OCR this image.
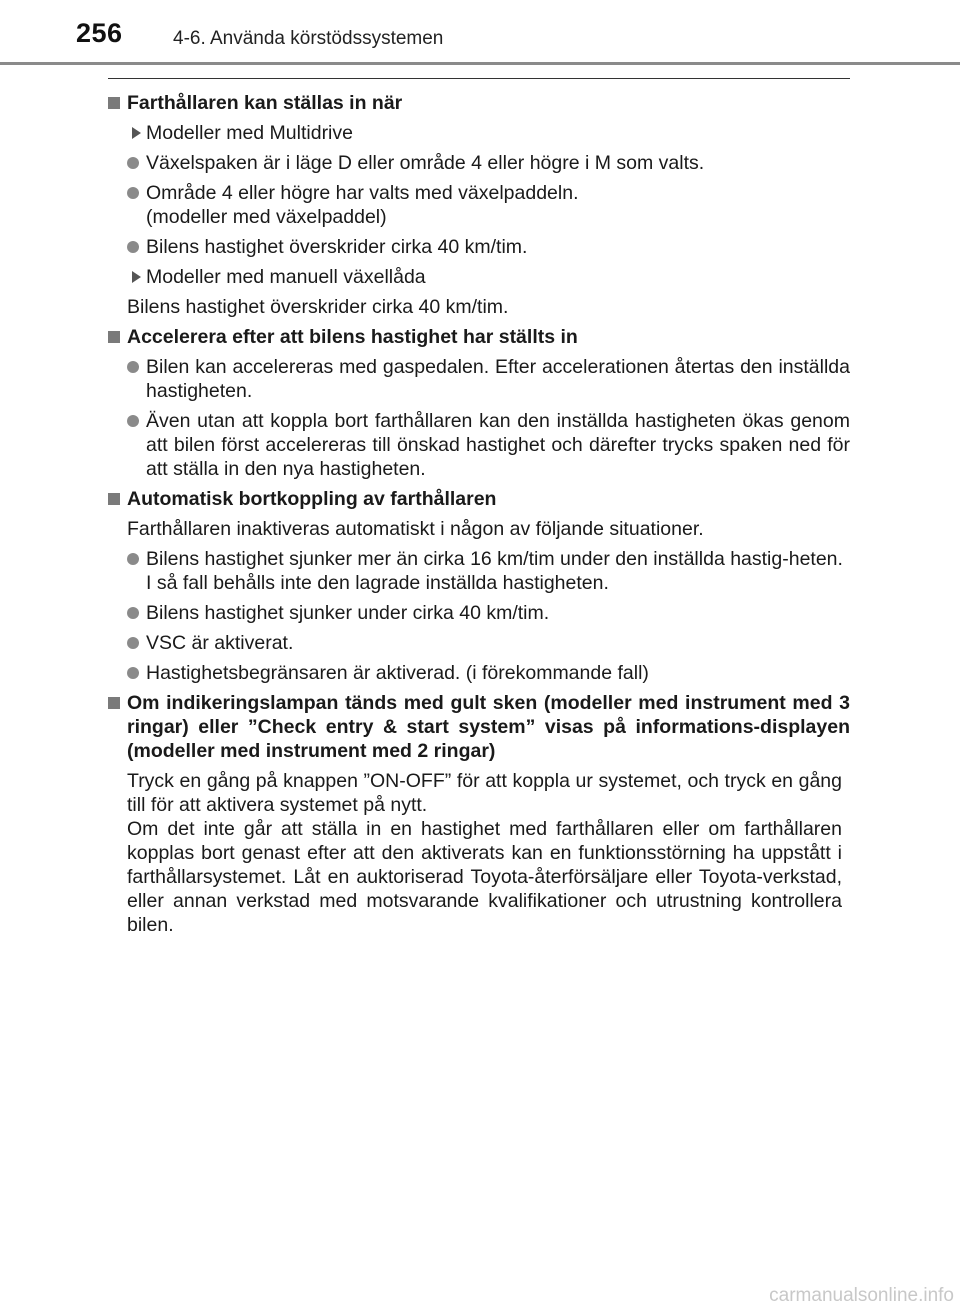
256	4-6. Använda körstödssystemen
Farthållaren kan ställas in när
Modeller med Multidrive
Växelspaken är i läge D eller område 4 eller högre i M som valts.
Område 4 eller högre har valts med växelpaddeln.
(modeller med växelpaddel)
Bilens hastighet överskrider cirka 40 km/tim.
Modeller med manuell växellåda
Bilens hastighet överskrider cirka 40 km/tim.
Accelerera efter att bilens hastighet har ställts in
Bilen kan accelereras med gaspedalen. Efter accelerationen återtas den inställda hastigheten.
Även utan att koppla bort farthållaren kan den inställda hastigheten ökas genom att bilen först accelereras till önskad hastighet och därefter trycks spaken ned för att ställa in den nya hastigheten.
Automatisk bortkoppling av farthållaren
Farthållaren inaktiveras automatiskt i någon av följande situationer.
Bilens hastighet sjunker mer än cirka 16 km/tim under den inställda hastig-heten.
I så fall behålls inte den lagrade inställda hastigheten.
Bilens hastighet sjunker under cirka 40 km/tim.
VSC är aktiverat.
Hastighetsbegränsaren är aktiverad. (i förekommande fall)
Om indikeringslampan tänds med gult sken (modeller med instrument med 3 ringar) eller ”Check entry & start system” visas på informations-displayen (modeller med instrument med 2 ringar)
Tryck en gång på knappen ”ON-OFF” för att koppla ur systemet, och tryck en gång till för att aktivera systemet på nytt.
Om det inte går att ställa in en hastighet med farthållaren eller om farthållaren kopplas bort genast efter att den aktiverats kan en funktionsstörning ha uppstått i farthållarsystemet. Låt en auktoriserad Toyota-återförsäljare eller Toyota-verkstad, eller annan verkstad med motsvarande kvalifikationer och utrustning kontrollera bilen.
carmanualsonline.info
